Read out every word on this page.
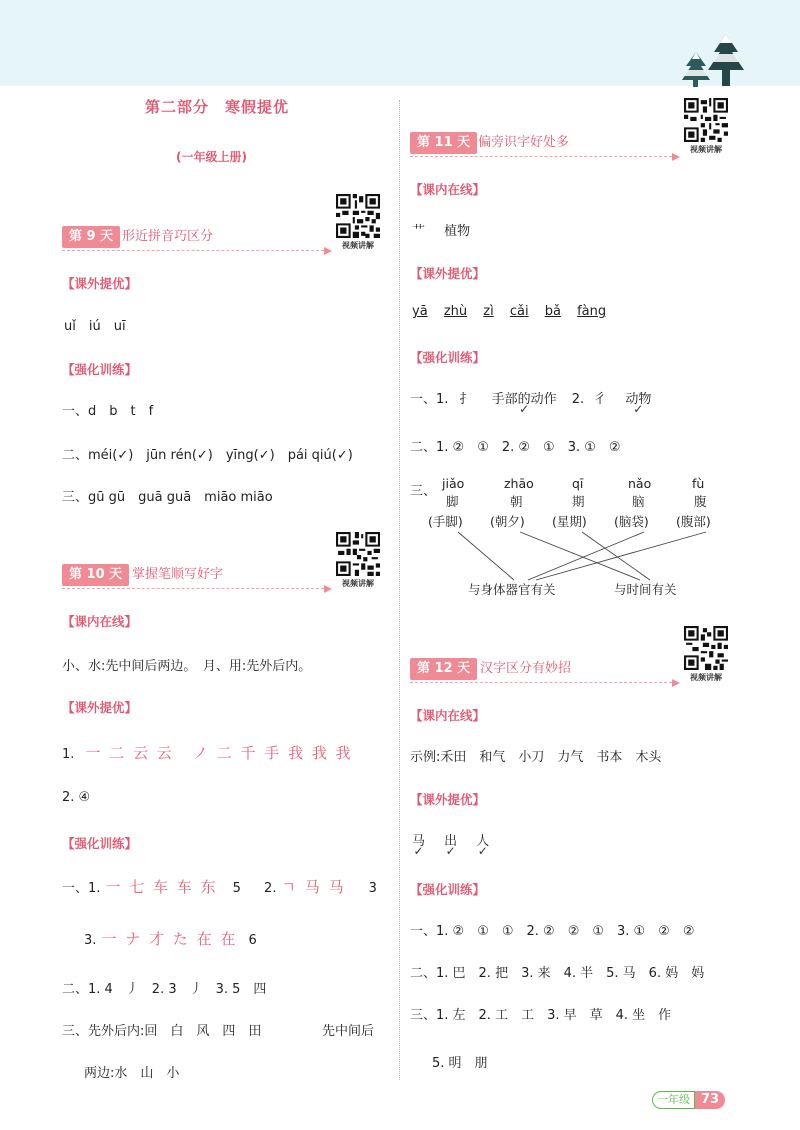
第二部分　寒假提优
(一年级上册)
视频讲解
第 9 天 形近拼音巧区分
【课外提优】
uǐ　iú　uī
【强化训练】
一、d　b　t　f
二、méi(✓)　jūn rén(✓)　yīng(✓)　pái qiú(✓)
三、gū gū　guā guā　miāo miāo
视频讲解
第 10 天 掌握笔顺写好字
【课内在线】
小、水:先中间后两边。　月、用:先外后内。
【课外提优】
1. 一 二 云 云 ノ 二 千 手 我 我 我
2. ④
【强化训练】
一、1. 一 七 车 车 东 5 2. ㄱ 马 马 3
3. 一 ナ 才 た 在 在 6
二、1. 4　丿　2. 3　丿　3. 5　四
三、先外后内:回　白　风　四　田	先中间后
两边:水　山　小
视频讲解
第 11 天 偏旁识字好处多
【课内在线】
艹 植物
【课外提优】
yā zhù zì cǎi bǎ fàng
【强化训练】
一、1. 扌 手部的动作 ✓ 2. 彳 动物 ✓
二、1. ②　①　2. ②　①　3. ①　②
三、
jiǎo	zhāo	qī	nǎo	fù
脚	朝	期	脑	腹
(手脚) (朝夕) (星期) (脑袋) (腹部)
与身体器官有关	与时间有关
视频讲解
第 12 天 汉字区分有妙招
【课内在线】
示例:禾田　和气　小刀　力气　书本　木头
【课外提优】
马 ✓ 出 ✓ 人 ✓
【强化训练】
一、1. ②　①　①　2. ②　②　①　3. ①　②　②
二、1. 巴　2. 把　3. 来　4. 半　5. 马　6. 妈　妈
三、1. 左　2. 工　工　3. 早　草　4. 坐　作
5. 明　朋
一年级 73
